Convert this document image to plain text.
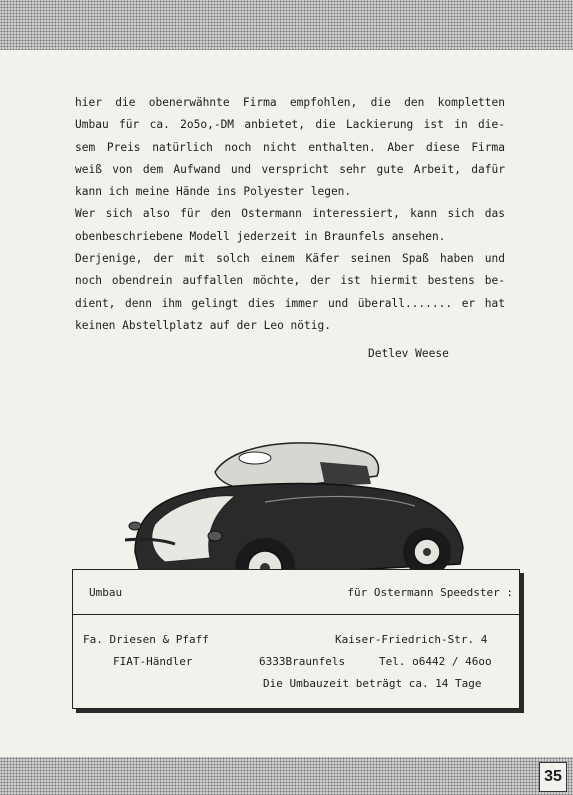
hier die obenerwähnte Firma empfohlen, die den kompletten
Umbau für ca. 2o5o,-DM anbietet, die Lackierung ist in die-
sem Preis natürlich noch nicht enthalten. Aber diese Firma
weiß von dem Aufwand und verspricht sehr gute Arbeit, dafür
kann ich meine Hände ins Polyester legen.
Wer sich also für den Ostermann interessiert, kann sich das
obenbeschriebene Modell jederzeit in Braunfels ansehen.
Derjenige, der mit solch einem Käfer seinen Spaß haben und
noch obendrein auffallen möchte, der ist hiermit bestens be-
dient, denn ihm gelingt dies immer und überall....... er hat
keinen Abstellplatz auf der Leo nötig.
Detlev Weese
Umbau	für Ostermann Speedster :
Fa. Driesen & Pfaff	Kaiser-Friedrich-Str. 4
FIAT-Händler	6333Braunfels	Tel. o6442 / 46oo
Die Umbauzeit beträgt ca. 14 Tage
35
